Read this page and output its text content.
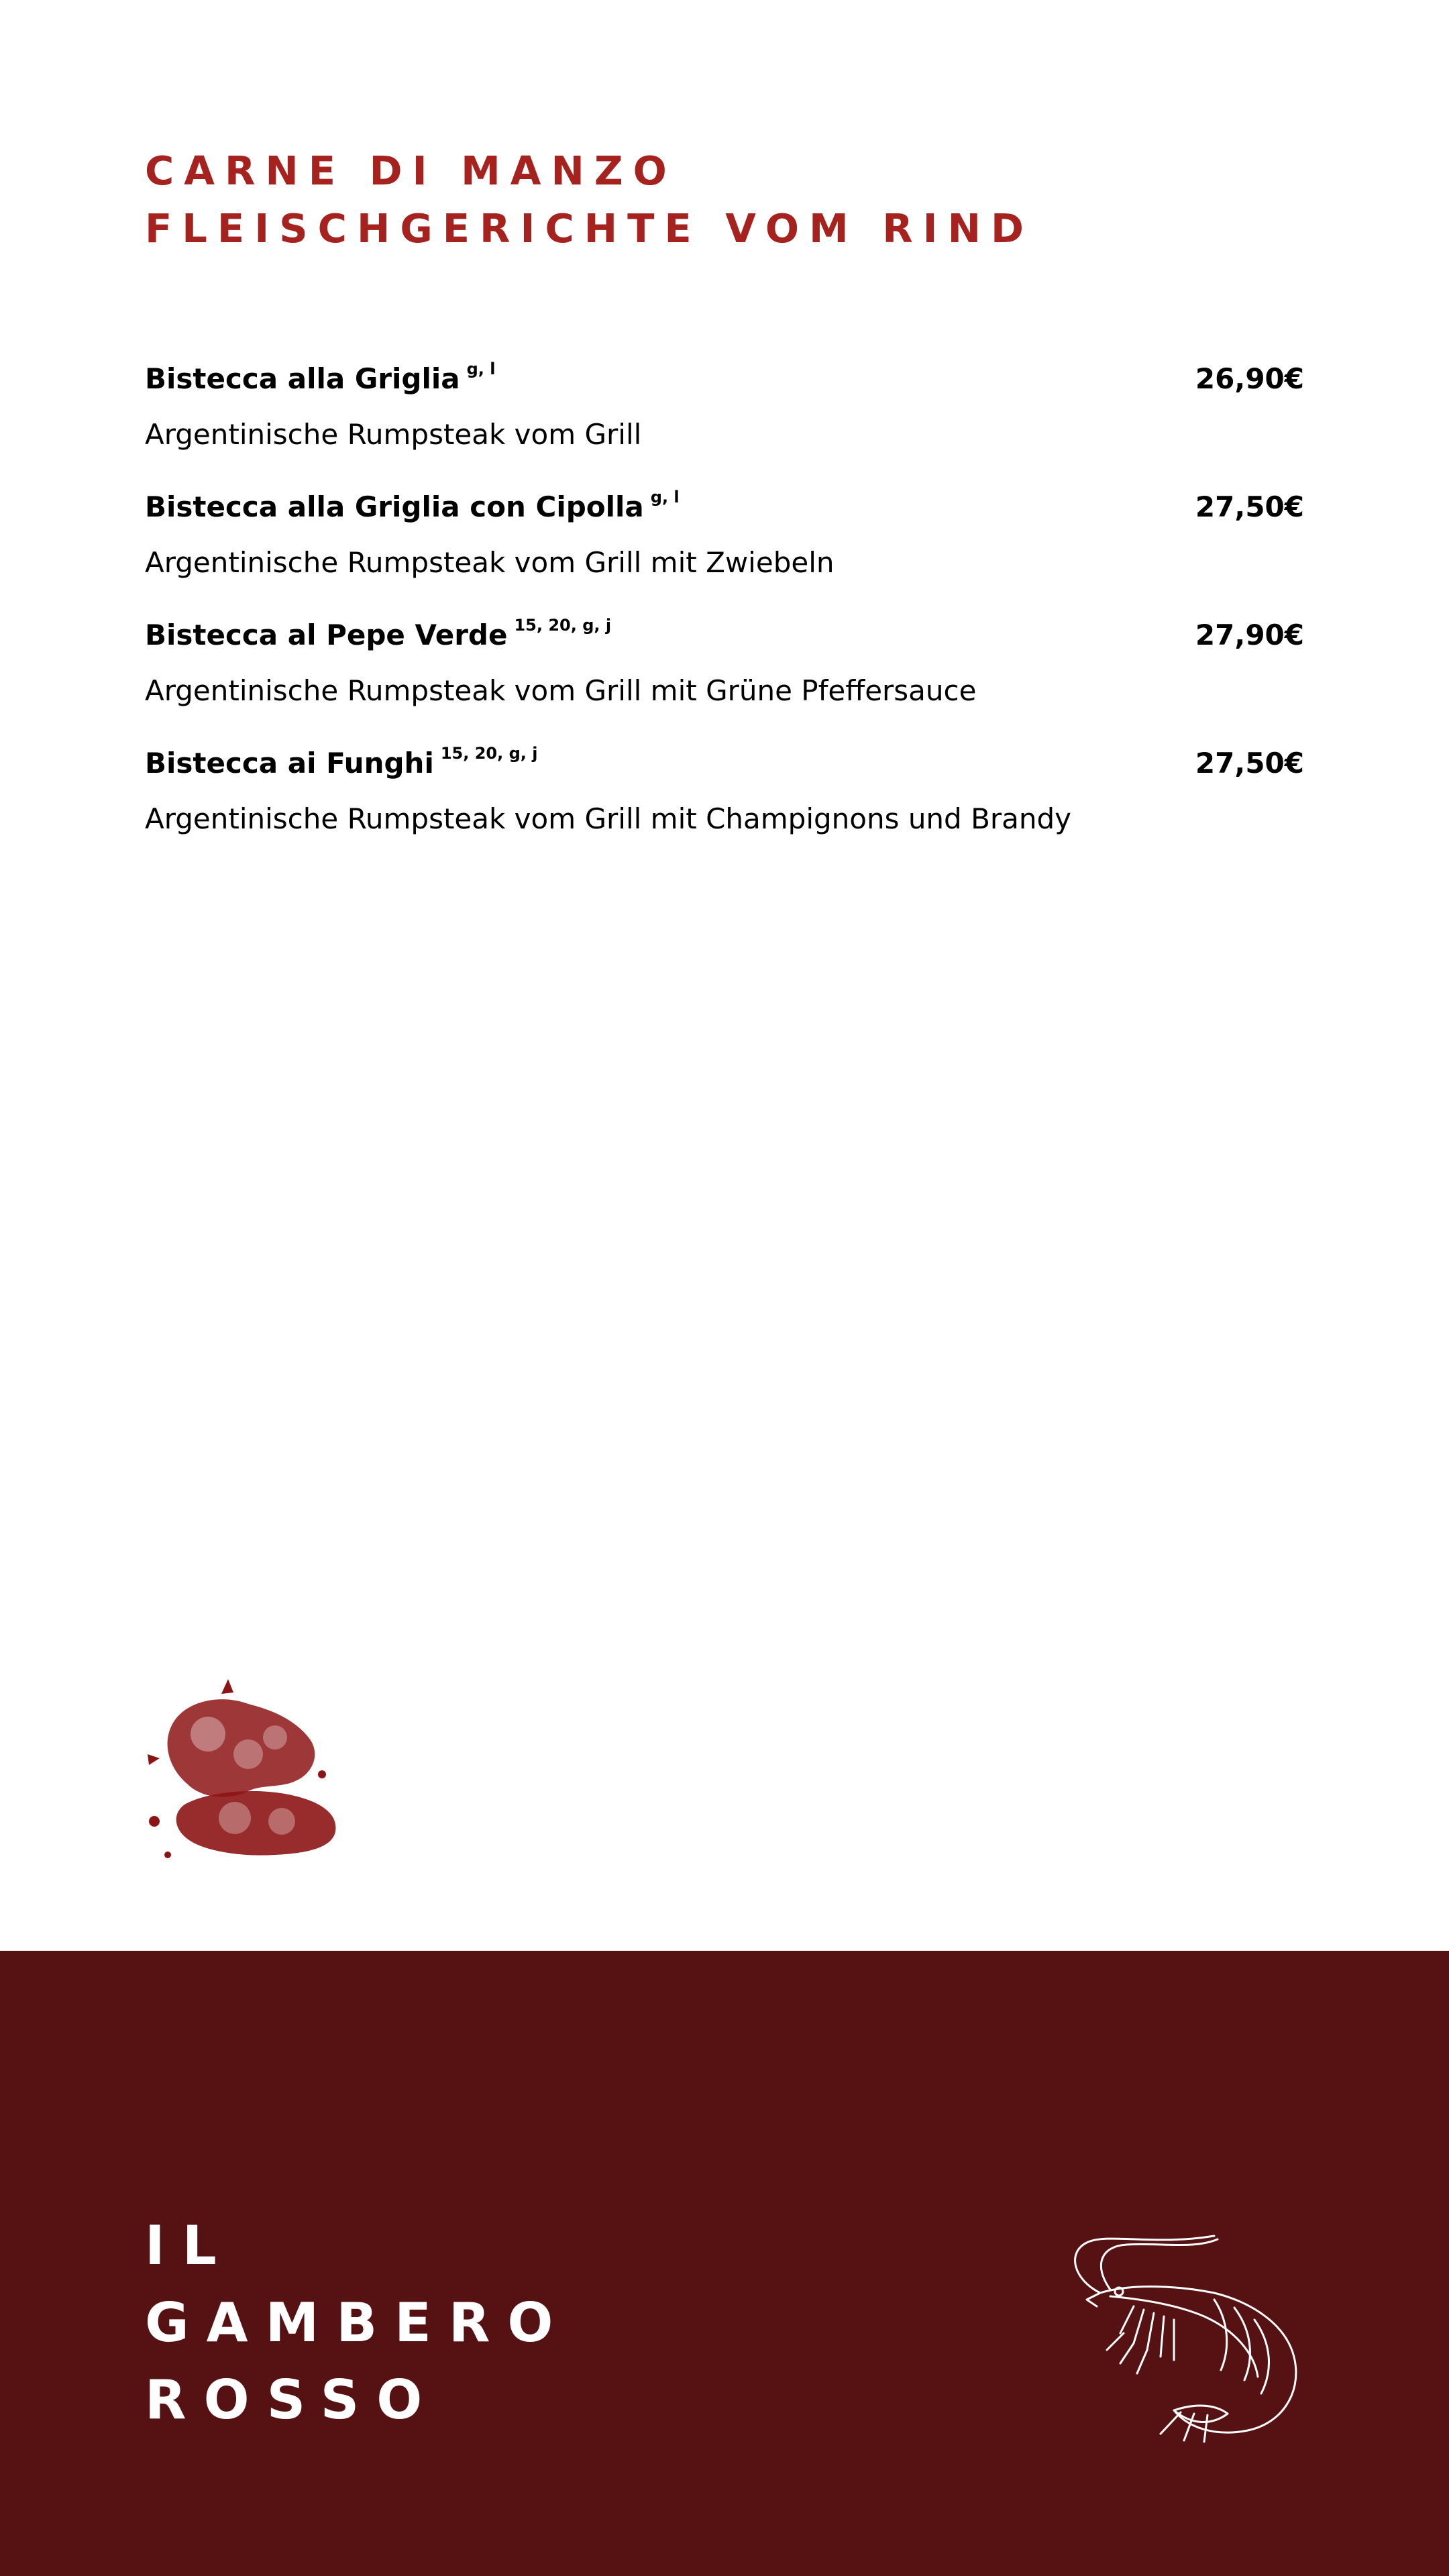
CARNE DI MANZO
FLEISCHGERICHTE VOM RIND
Bistecca alla Griglia $^{g, l}$	26,90€
Argentinische Rumpsteak vom Grill
Bistecca alla Griglia con Cipolla $^{g, l}$	27,50€
Argentinische Rumpsteak vom Grill mit Zwiebeln
Bistecca al Pepe Verde $^{15, 20, g, j}$	27,90€
Argentinische Rumpsteak vom Grill mit Grüne Pfeffersauce
Bistecca ai Funghi $^{15, 20, g, j}$	27,50€
Argentinische Rumpsteak vom Grill mit Champignons und Brandy
IL
GAMBERO
ROSSO
